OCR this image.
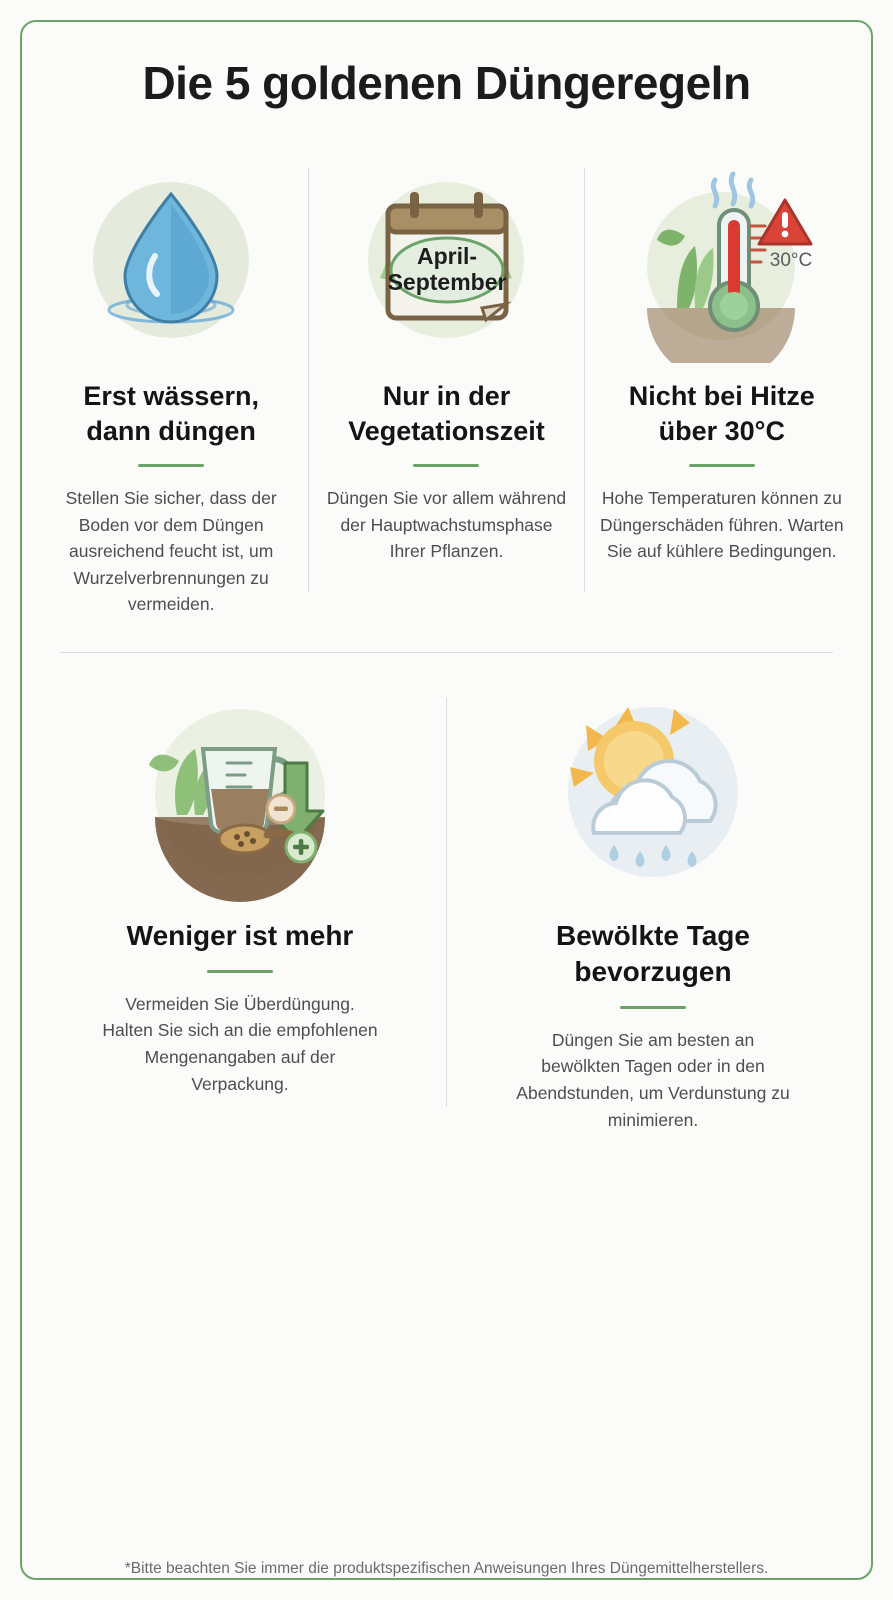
Die 5 goldenen Düngeregeln
Erst wässern, dann düngen

Stellen Sie sicher, dass der Boden vor dem Düngen ausreichend feucht ist, um Wurzelverbrennungen zu vermeiden.

April-
September
Nur in der Vegetationszeit

Düngen Sie vor allem während der Hauptwachstumsphase Ihrer Pflanzen.

30°C
Nicht bei Hitze über 30°C

Hohe Temperaturen können zu Düngerschäden führen. Warten Sie auf kühlere Bedingungen.

Weniger ist mehr

Vermeiden Sie Überdüngung. Halten Sie sich an die empfohlenen Mengenangaben auf der Verpackung.

Bewölkte Tage bevorzugen

Düngen Sie am besten an bewölkten Tagen oder in den Abendstunden, um Verdunstung zu minimieren.

*Bitte beachten Sie immer die produktspezifischen Anweisungen Ihres Düngemittelherstellers.
